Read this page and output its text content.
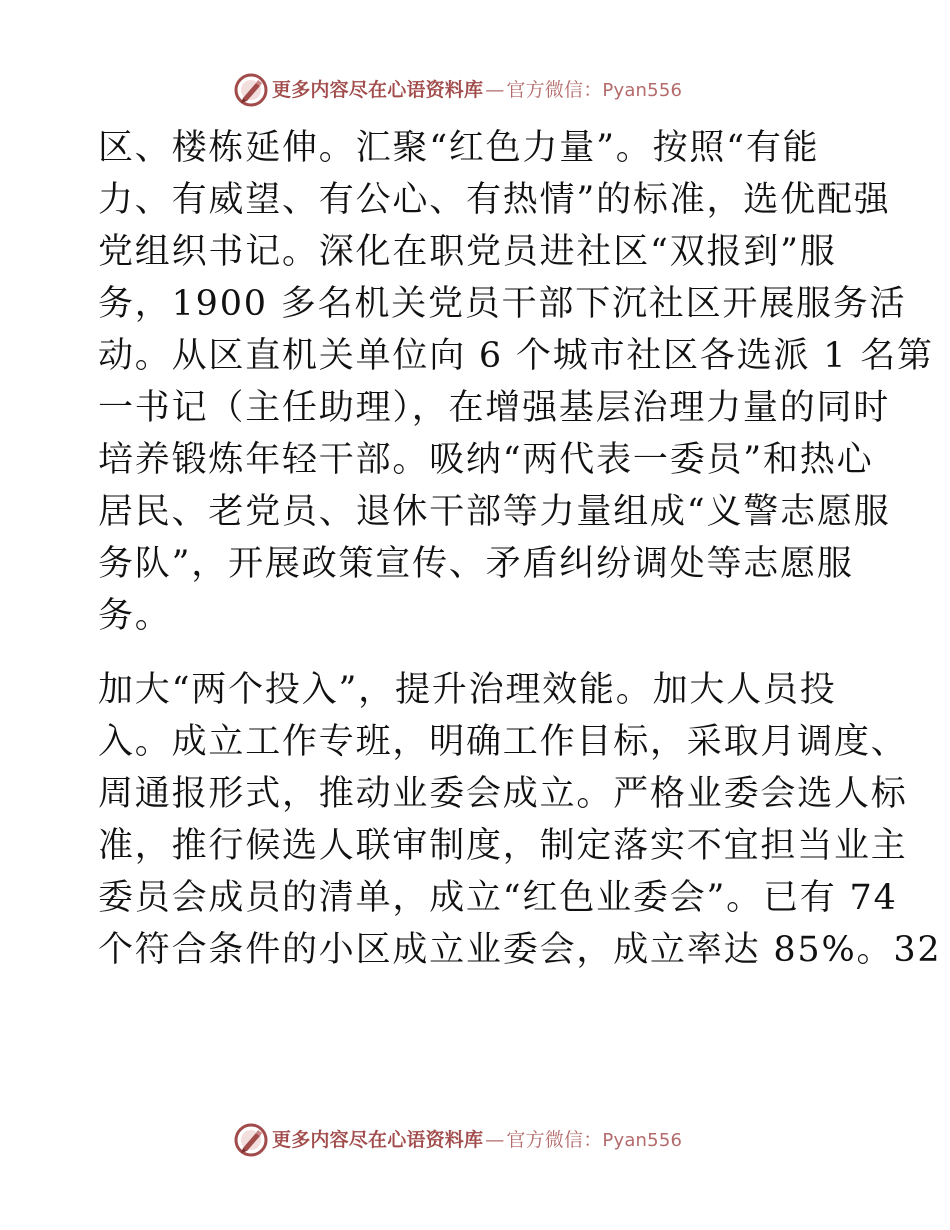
更多内容尽在心语资料库 — 官方微信：Pyan556
区、楼栋延伸。汇聚“红色力量”。按照“有能
力、有威望、有公心、有热情”的标准，选优配强
党组织书记。深化在职党员进社区“双报到”服
务，1900 多名机关党员干部下沉社区开展服务活
动。从区直机关单位向 6 个城市社区各选派 1 名第
一书记（主任助理），在增强基层治理力量的同时
培养锻炼年轻干部。吸纳“两代表一委员”和热心
居民、老党员、退休干部等力量组成“义警志愿服
务队”，开展政策宣传、矛盾纠纷调处等志愿服
务。
加大“两个投入”，提升治理效能。加大人员投
入。成立工作专班，明确工作目标，采取月调度、
周通报形式，推动业委会成立。严格业委会选人标
准，推行候选人联审制度，制定落实不宜担当业主
委员会成员的清单，成立“红色业委会”。已有 74
个符合条件的小区成立业委会，成立率达 85%。32
更多内容尽在心语资料库 — 官方微信：Pyan556
